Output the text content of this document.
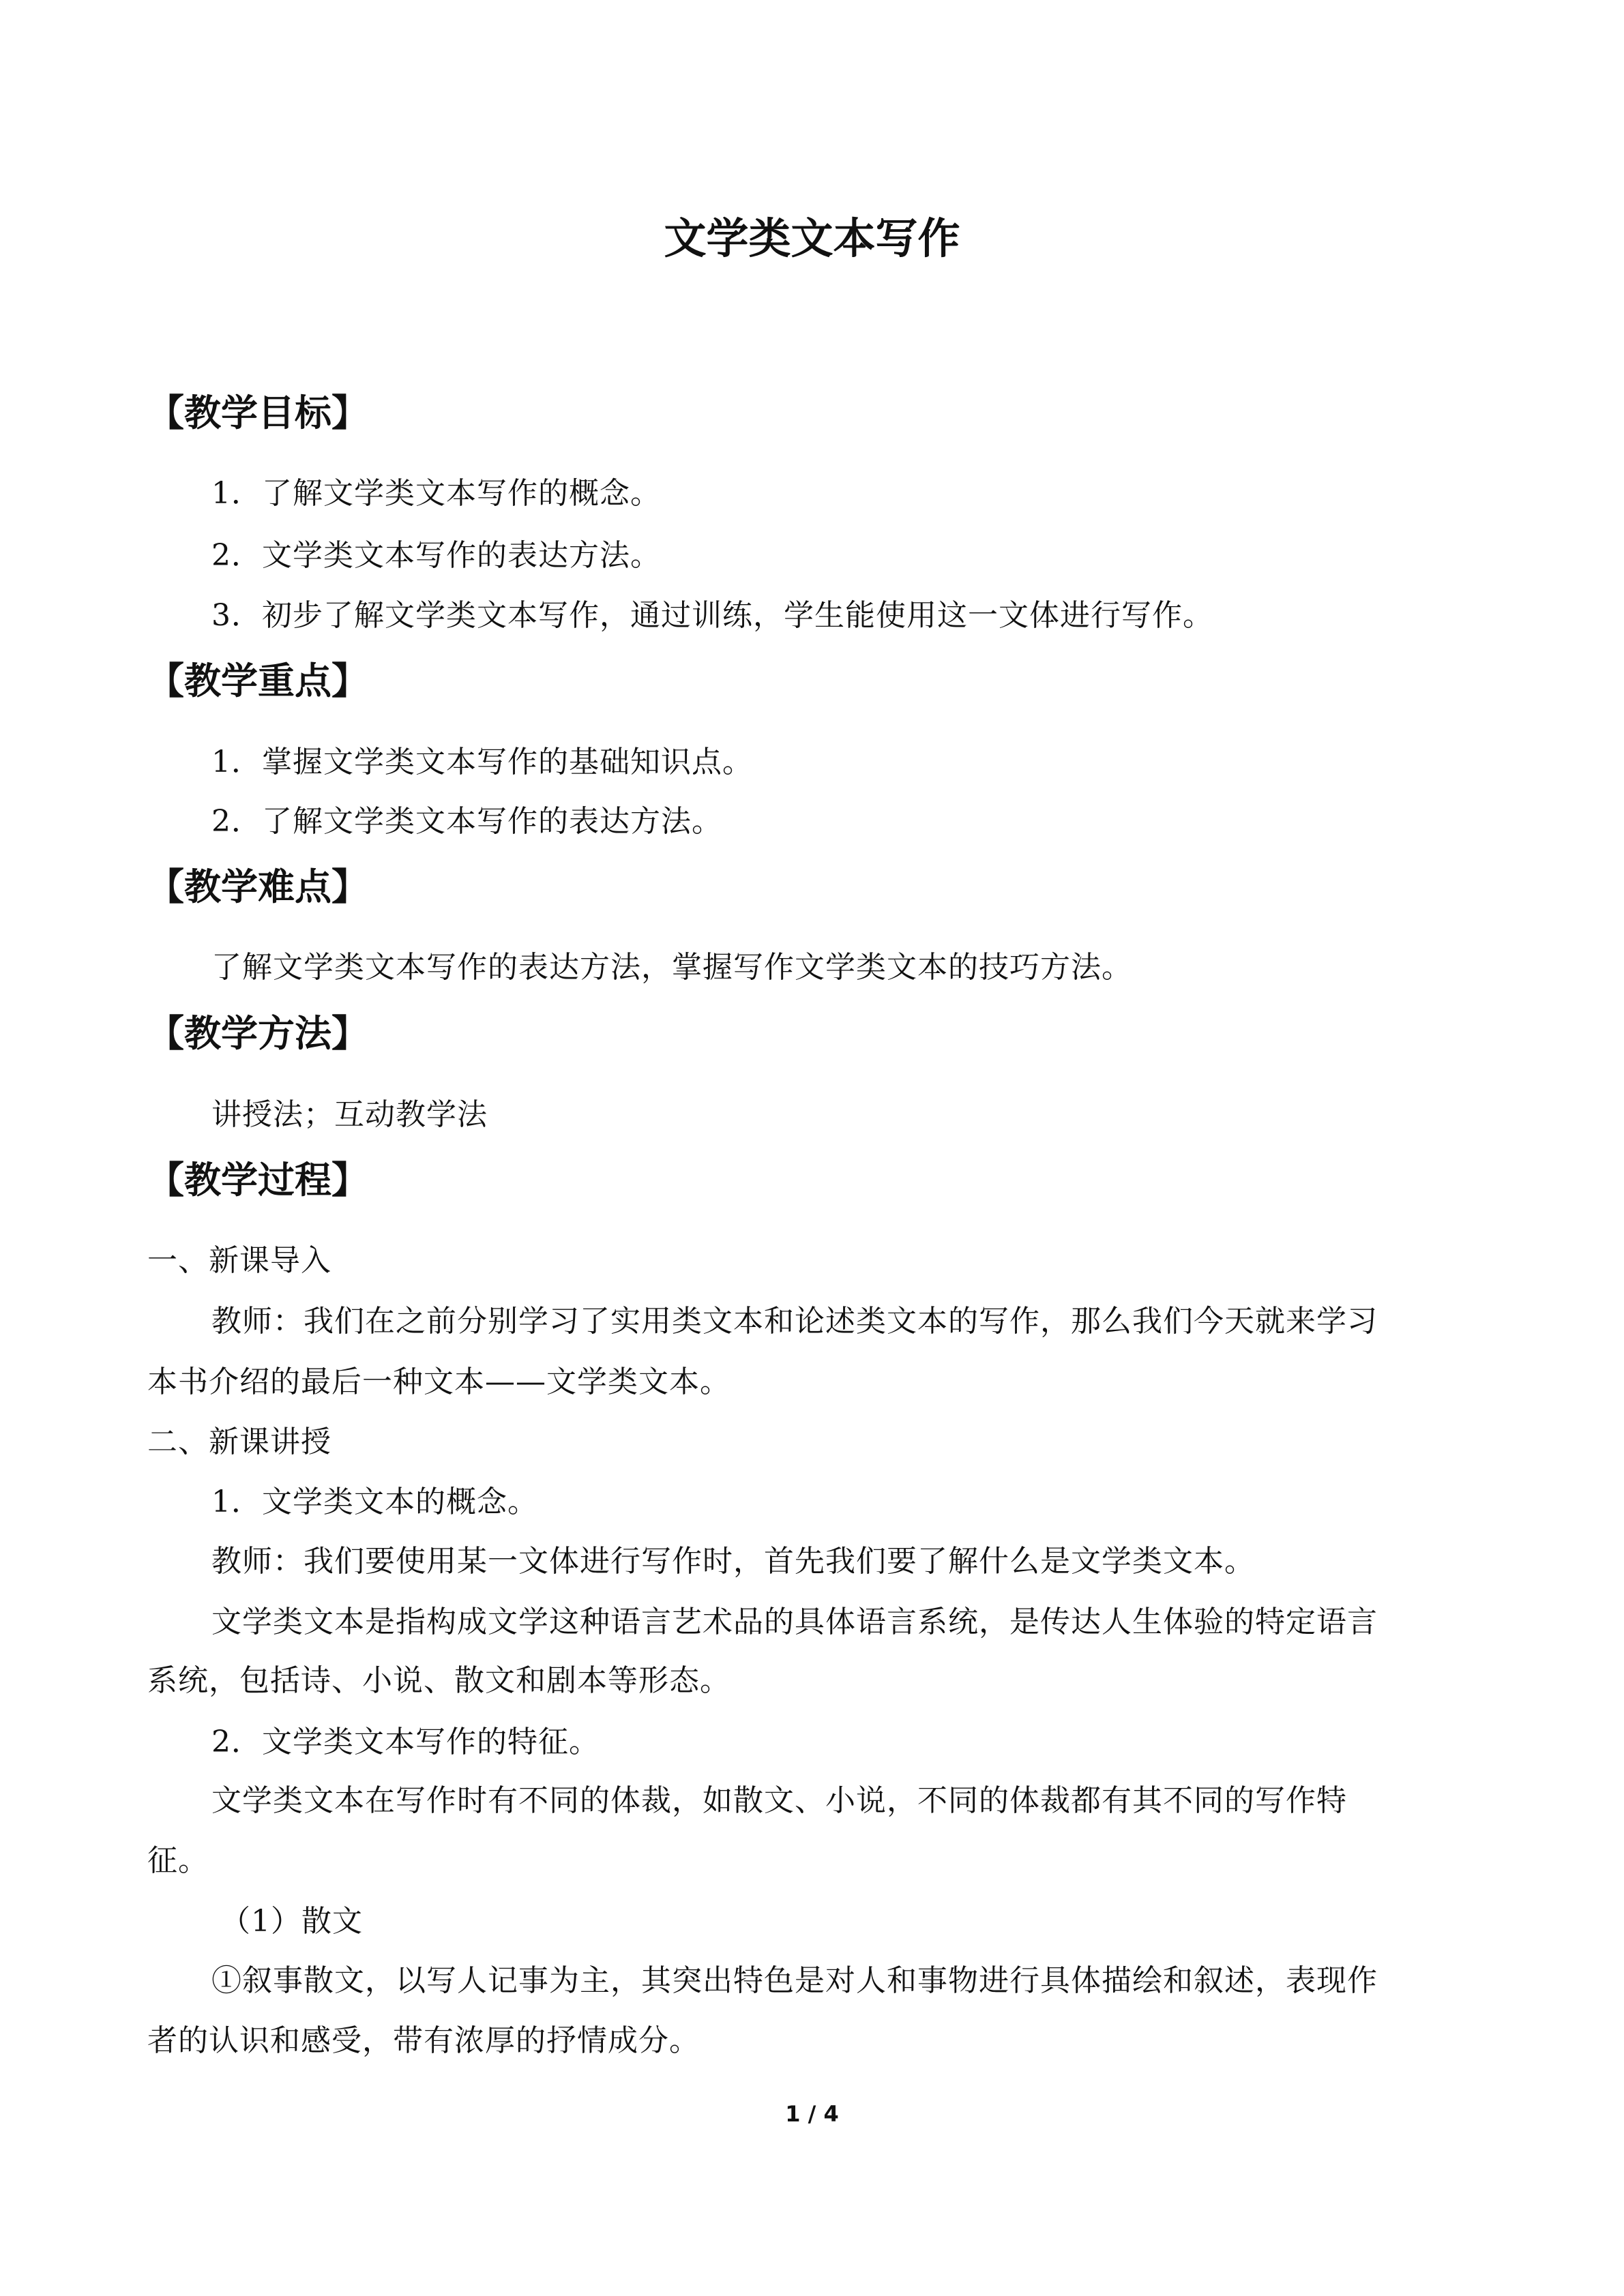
文学类文本写作
【教学目标】
1．了解文学类文本写作的概念。
2．文学类文本写作的表达方法。
3．初步了解文学类文本写作，通过训练，学生能使用这一文体进行写作。
【教学重点】
1．掌握文学类文本写作的基础知识点。
2．了解文学类文本写作的表达方法。
【教学难点】
了解文学类文本写作的表达方法，掌握写作文学类文本的技巧方法。
【教学方法】
讲授法；互动教学法
【教学过程】
一、新课导入
教师：我们在之前分别学习了实用类文本和论述类文本的写作，那么我们今天就来学习
本书介绍的最后一种文本——文学类文本。
二、新课讲授
1．文学类文本的概念。
教师：我们要使用某一文体进行写作时，首先我们要了解什么是文学类文本。
文学类文本是指构成文学这种语言艺术品的具体语言系统，是传达人生体验的特定语言
系统，包括诗、小说、散文和剧本等形态。
2．文学类文本写作的特征。
文学类文本在写作时有不同的体裁，如散文、小说，不同的体裁都有其不同的写作特
征。
（1）散文
①叙事散文，以写人记事为主，其突出特色是对人和事物进行具体描绘和叙述，表现作
者的认识和感受，带有浓厚的抒情成分。
1 / 4
